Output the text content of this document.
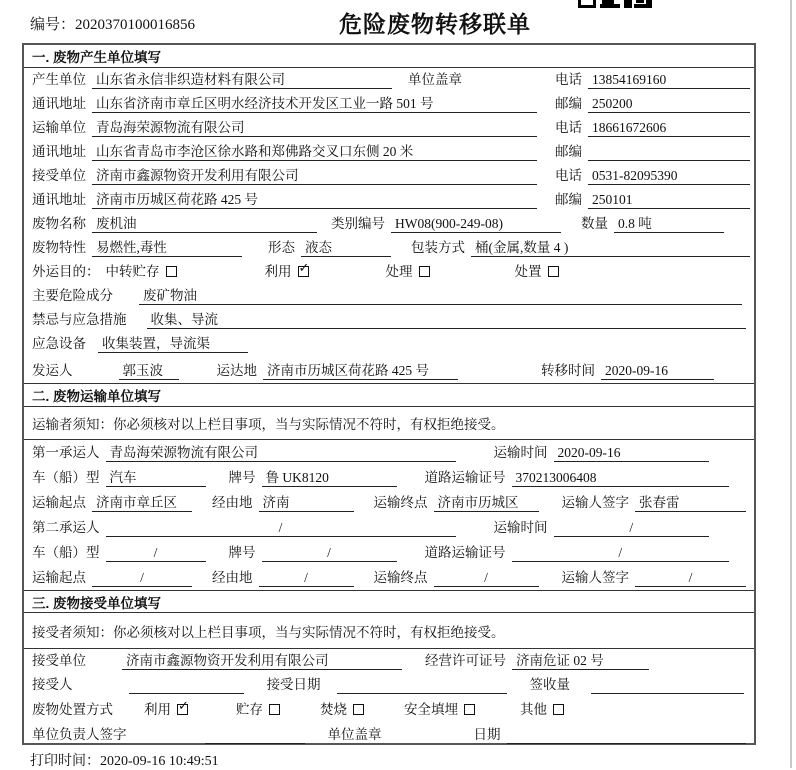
编号：2020370100016856	危险废物转移联单
一. 废物产生单位填写
产生单位 山东省永信非织造材料有限公司	单位盖章	电话 13854169160
通讯地址 山东省济南市章丘区明水经济技术开发区工业一路 501 号	邮编 250200
运输单位 青岛海荣源物流有限公司	电话 18661672606
通讯地址 山东省青岛市李沧区徐水路和郑佛路交叉口东侧 20 米	邮编
接受单位 济南市鑫源物资开发利用有限公司	电话 0531-82095390
通讯地址 济南市历城区荷花路 425 号	邮编 250101
废物名称 废机油	类别编号 HW08(900-249-08)	数量 0.8 吨
废物特性 易燃性,毒性	形态 液态	包装方式 桶(金属,数量 4 )
外运目的： 中转贮存	利用 ✓	处理	处置
主要危险成分	废矿物油
禁忌与应急措施	收集、导流
应急设备	收集装置，导流渠
发运人	郭玉波	运达地 济南市历城区荷花路 425 号	转移时间 2020-09-16
二. 废物运输单位填写
运输者须知：你必须核对以上栏目事项，当与实际情况不符时，有权拒绝接受。
第一承运人 青岛海荣源物流有限公司	运输时间 2020-09-16
车（船）型 汽车	牌号 鲁 UK8120	道路运输证号 370213006408
运输起点 济南市章丘区	经由地 济南	运输终点 济南市历城区	运输人签字 张春雷
第二承运人	/	运输时间	/
车（船）型	/	牌号	/	道路运输证号	/
运输起点	/	经由地	/	运输终点	/	运输人签字	/
三. 废物接受单位填写
接受者须知：你必须核对以上栏目事项，当与实际情况不符时，有权拒绝接受。
接受单位	济南市鑫源物资开发利用有限公司	经营许可证号 济南危证 02 号
接受人	接受日期	签收量
废物处置方式	利用 ✓	贮存	焚烧	安全填埋	其他
单位负责人签字	单位盖章	日期
打印时间：2020-09-16 10:49:51
